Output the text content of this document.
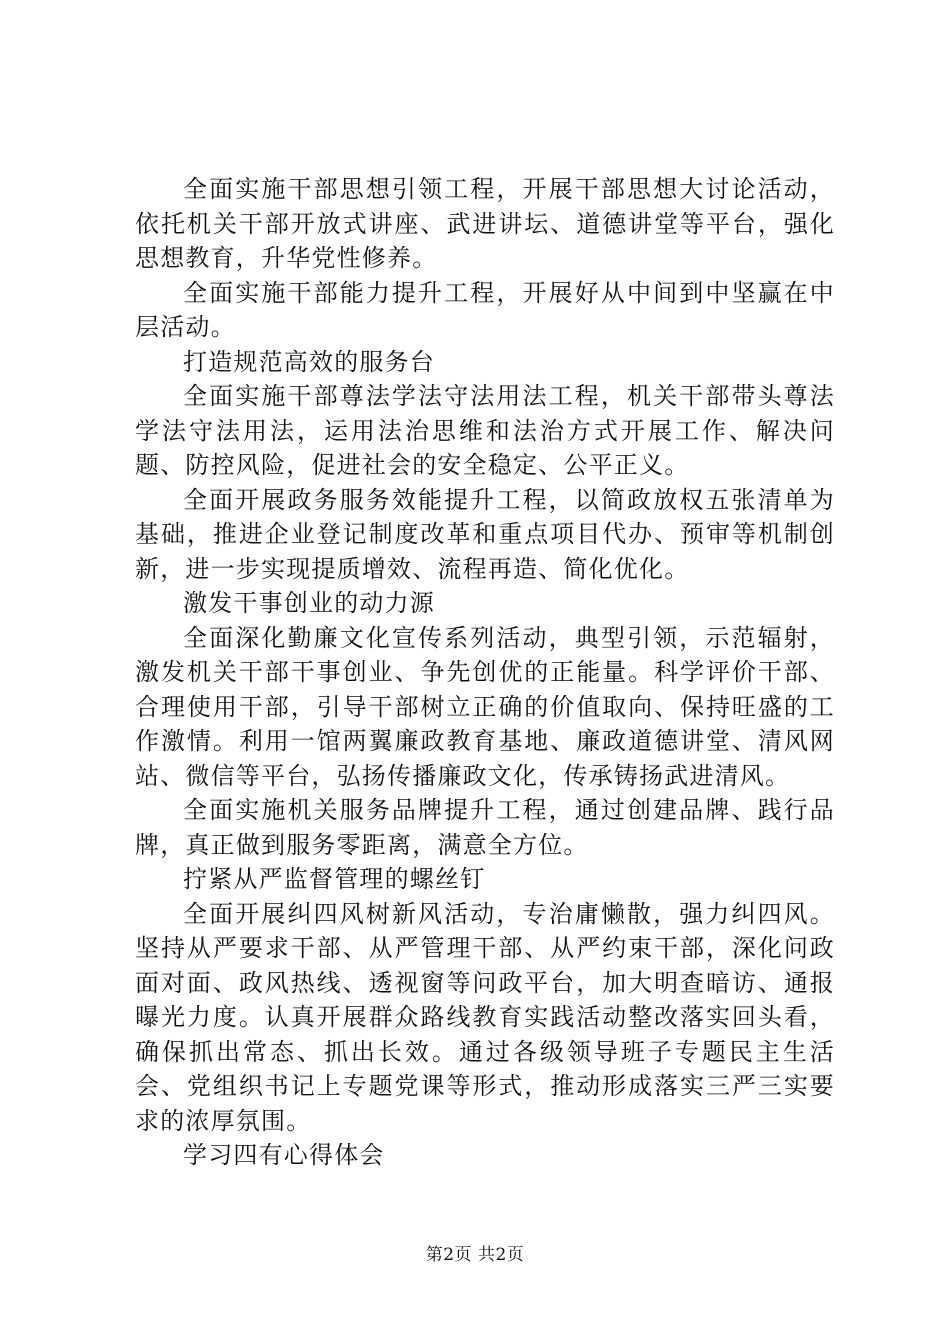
全面实施干部思想引领工程，开展干部思想大讨论活动，依托机关干部开放式讲座、武进讲坛、道德讲堂等平台，强化思想教育，升华党性修养。

全面实施干部能力提升工程，开展好从中间到中坚赢在中层活动。

打造规范高效的服务台

全面实施干部尊法学法守法用法工程，机关干部带头尊法学法守法用法，运用法治思维和法治方式开展工作、解决问题、防控风险，促进社会的安全稳定、公平正义。

全面开展政务服务效能提升工程，以简政放权五张清单为基础，推进企业登记制度改革和重点项目代办、预审等机制创新，进一步实现提质增效、流程再造、简化优化。

激发干事创业的动力源

全面深化勤廉文化宣传系列活动，典型引领，示范辐射，激发机关干部干事创业、争先创优的正能量。科学评价干部、合理使用干部，引导干部树立正确的价值取向、保持旺盛的工作激情。利用一馆两翼廉政教育基地、廉政道德讲堂、清风网站、微信等平台，弘扬传播廉政文化，传承铸扬武进清风。

全面实施机关服务品牌提升工程，通过创建品牌、践行品牌，真正做到服务零距离，满意全方位。

拧紧从严监督管理的螺丝钉

全面开展纠四风树新风活动，专治庸懒散，强力纠四风。坚持从严要求干部、从严管理干部、从严约束干部，深化问政面对面、政风热线、透视窗等问政平台，加大明查暗访、通报曝光力度。认真开展群众路线教育实践活动整改落实回头看，确保抓出常态、抓出长效。通过各级领导班子专题民主生活会、党组织书记上专题党课等形式，推动形成落实三严三实要求的浓厚氛围。

学习四有心得体会

第2页 共2页
